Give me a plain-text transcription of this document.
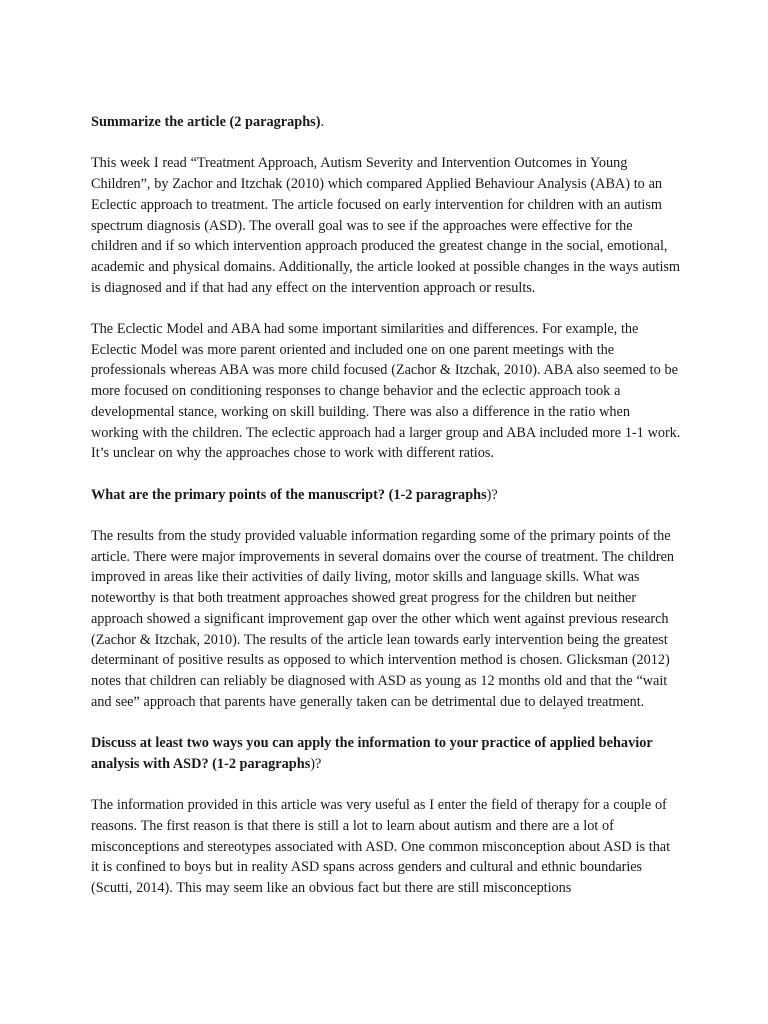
Summarize the article (2 paragraphs).

This week I read “Treatment Approach, Autism Severity and Intervention Outcomes in Young Children”, by Zachor and Itzchak (2010) which compared Applied Behaviour Analysis (ABA) to an Eclectic approach to treatment. The article focused on early intervention for children with an autism spectrum diagnosis (ASD). The overall goal was to see if the approaches were effective for the children and if so which intervention approach produced the greatest change in the social, emotional, academic and physical domains. Additionally, the article looked at possible changes in the ways autism is diagnosed and if that had any effect on the intervention approach or results.

The Eclectic Model and ABA had some important similarities and differences. For example, the Eclectic Model was more parent oriented and included one on one parent meetings with the professionals whereas ABA was more child focused (Zachor & Itzchak, 2010). ABA also seemed to be more focused on conditioning responses to change behavior and the eclectic approach took a developmental stance, working on skill building. There was also a difference in the ratio when working with the children. The eclectic approach had a larger group and ABA included more 1-1 work. It’s unclear on why the approaches chose to work with different ratios.

What are the primary points of the manuscript? (1-2 paragraphs)?

The results from the study provided valuable information regarding some of the primary points of the article. There were major improvements in several domains over the course of treatment. The children improved in areas like their activities of daily living, motor skills and language skills. What was noteworthy is that both treatment approaches showed great progress for the children but neither approach showed a significant improvement gap over the other which went against previous research (Zachor & Itzchak, 2010). The results of the article lean towards early intervention being the greatest determinant of positive results as opposed to which intervention method is chosen. Glicksman (2012) notes that children can reliably be diagnosed with ASD as young as 12 months old and that the “wait and see” approach that parents have generally taken can be detrimental due to delayed treatment.

Discuss at least two ways you can apply the information to your practice of applied behavior analysis with ASD? (1-2 paragraphs)?

The information provided in this article was very useful as I enter the field of therapy for a couple of reasons. The first reason is that there is still a lot to learn about autism and there are a lot of misconceptions and stereotypes associated with ASD. One common misconception about ASD is that it is confined to boys but in reality ASD spans across genders and cultural and ethnic boundaries (Scutti, 2014). This may seem like an obvious fact but there are still misconceptions
